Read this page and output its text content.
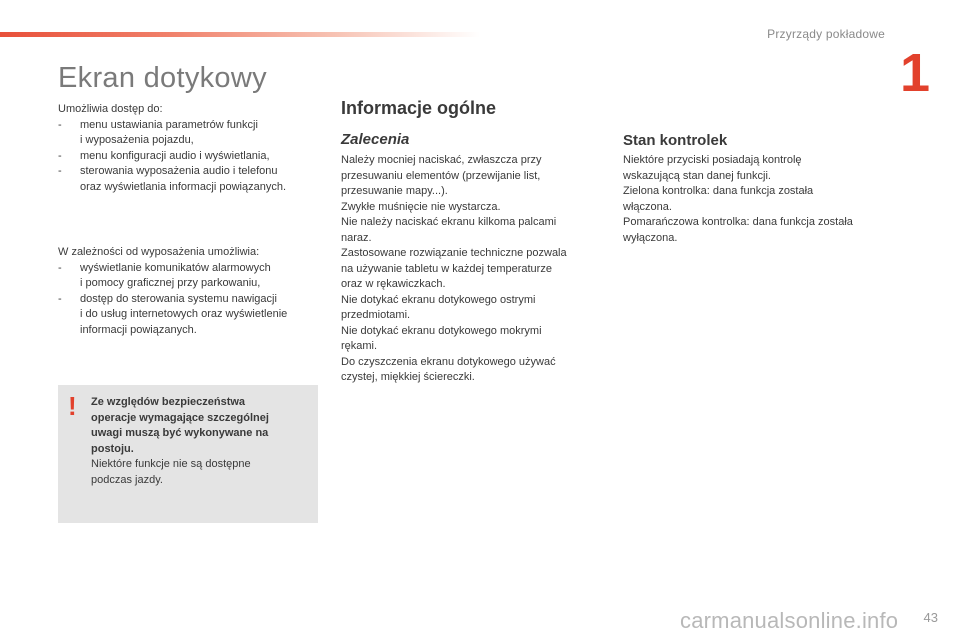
Przyrządy pokładowe
1
Ekran dotykowy
Umożliwia dostęp do:
- menu ustawiania parametrów funkcji
i wyposażenia pojazdu,
- menu konfiguracji audio i wyświetlania,
- sterowania wyposażenia audio i telefonu
oraz wyświetlania informacji powiązanych.
W zależności od wyposażenia umożliwia:
- wyświetlanie komunikatów alarmowych
i pomocy graficznej przy parkowaniu,
- dostęp do sterowania systemu nawigacji
i do usług internetowych oraz wyświetlenie
informacji powiązanych.
! Ze względów bezpieczeństwa
operacje wymagające szczególnej
uwagi muszą być wykonywane na
postoju.
Niektóre funkcje nie są dostępne
podczas jazdy.
Informacje ogólne
Zalecenia
Należy mocniej naciskać, zwłaszcza przy
przesuwaniu elementów (przewijanie list,
przesuwanie mapy...).
Zwykłe muśnięcie nie wystarcza.
Nie należy naciskać ekranu kilkoma palcami
naraz.
Zastosowane rozwiązanie techniczne pozwala
na używanie tabletu w każdej temperaturze
oraz w rękawiczkach.
Nie dotykać ekranu dotykowego ostrymi
przedmiotami.
Nie dotykać ekranu dotykowego mokrymi
rękami.
Do czyszczenia ekranu dotykowego używać
czystej, miękkiej ściereczki.
Stan kontrolek
Niektóre przyciski posiadają kontrolę
wskazującą stan danej funkcji.
Zielona kontrolka: dana funkcja została
włączona.
Pomarańczowa kontrolka: dana funkcja została
wyłączona.
carmanualsonline.info 43
